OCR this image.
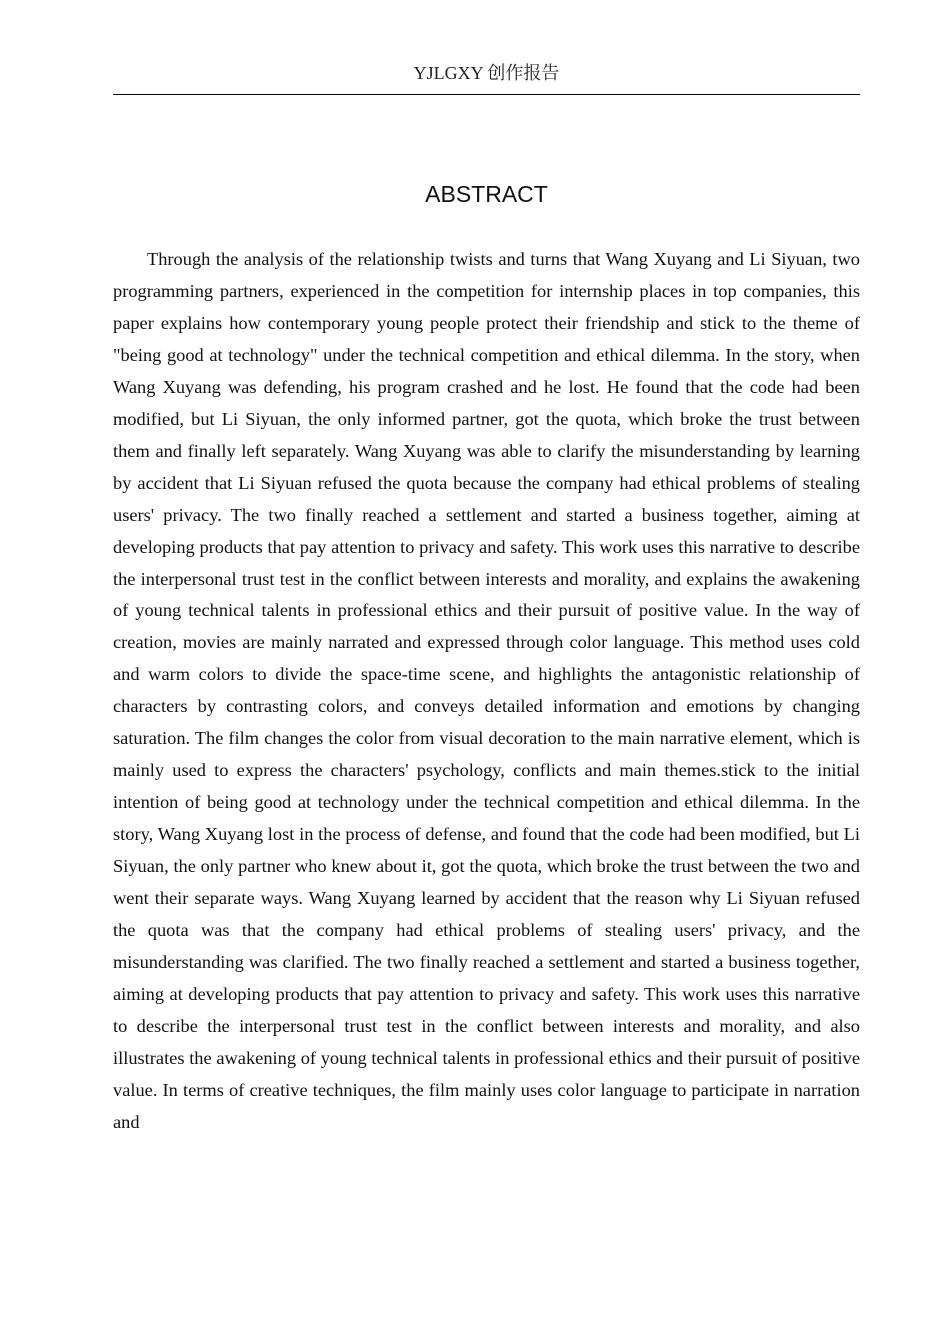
YJLGXY 创作报告
ABSTRACT

Through the analysis of the relationship twists and turns that Wang Xuyang and Li Siyuan, two programming partners, experienced in the competition for internship places in top companies, this paper explains how contemporary young people protect their friendship and stick to the theme of "being good at technology" under the technical competition and ethical dilemma. In the story, when Wang Xuyang was defending, his program crashed and he lost. He found that the code had been modified, but Li Siyuan, the only informed partner, got the quota, which broke the trust between them and finally left separately. Wang Xuyang was able to clarify the misunderstanding by learning by accident that Li Siyuan refused the quota because the company had ethical problems of stealing users' privacy. The two finally reached a settlement and started a business together, aiming at developing products that pay attention to privacy and safety. This work uses this narrative to describe the interpersonal trust test in the conflict between interests and morality, and explains the awakening of young technical talents in professional ethics and their pursuit of positive value. In the way of creation, movies are mainly narrated and expressed through color language. This method uses cold and warm colors to divide the space-time scene, and highlights the antagonistic relationship of characters by contrasting colors, and conveys detailed information and emotions by changing saturation. The film changes the color from visual decoration to the main narrative element, which is mainly used to express the characters' psychology, conflicts and main themes.stick to the initial intention of being good at technology under the technical competition and ethical dilemma. In the story, Wang Xuyang lost in the process of defense, and found that the code had been modified, but Li Siyuan, the only partner who knew about it, got the quota, which broke the trust between the two and went their separate ways. Wang Xuyang learned by accident that the reason why Li Siyuan refused the quota was that the company had ethical problems of stealing users' privacy, and the misunderstanding was clarified. The two finally reached a settlement and started a business together, aiming at developing products that pay attention to privacy and safety. This work uses this narrative to describe the interpersonal trust test in the conflict between interests and morality, and also illustrates the awakening of young technical talents in professional ethics and their pursuit of positive value. In terms of creative techniques, the film mainly uses color language to participate in narration and
